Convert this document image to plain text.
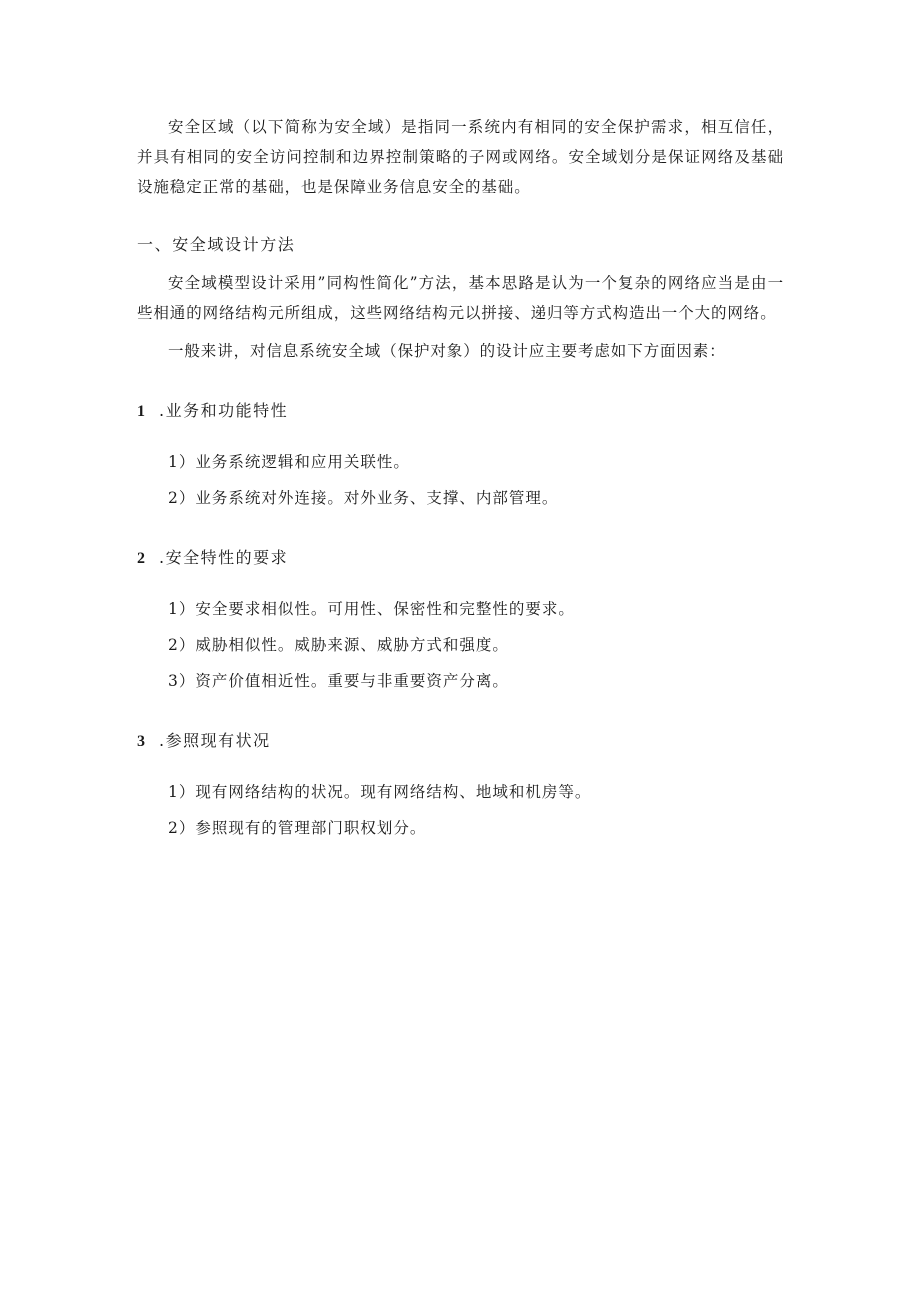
安全区域（以下简称为安全域）是指同一系统内有相同的安全保护需求，相互信任，并具有相同的安全访问控制和边界控制策略的子网或网络。安全域划分是保证网络及基础设施稳定正常的基础，也是保障业务信息安全的基础。

一、安全域设计方法

安全域模型设计采用”同构性简化”方法，基本思路是认为一个复杂的网络应当是由一些相通的网络结构元所组成，这些网络结构元以拼接、递归等方式构造出一个大的网络。

一般来讲，对信息系统安全域（保护对象）的设计应主要考虑如下方面因素：

1 .业务和功能特性
1）业务系统逻辑和应用关联性。
2）业务系统对外连接。对外业务、支撑、内部管理。
2 .安全特性的要求
1）安全要求相似性。可用性、保密性和完整性的要求。
2）威胁相似性。威胁来源、威胁方式和强度。
3）资产价值相近性。重要与非重要资产分离。
3 .参照现有状况
1）现有网络结构的状况。现有网络结构、地域和机房等。
2）参照现有的管理部门职权划分。
